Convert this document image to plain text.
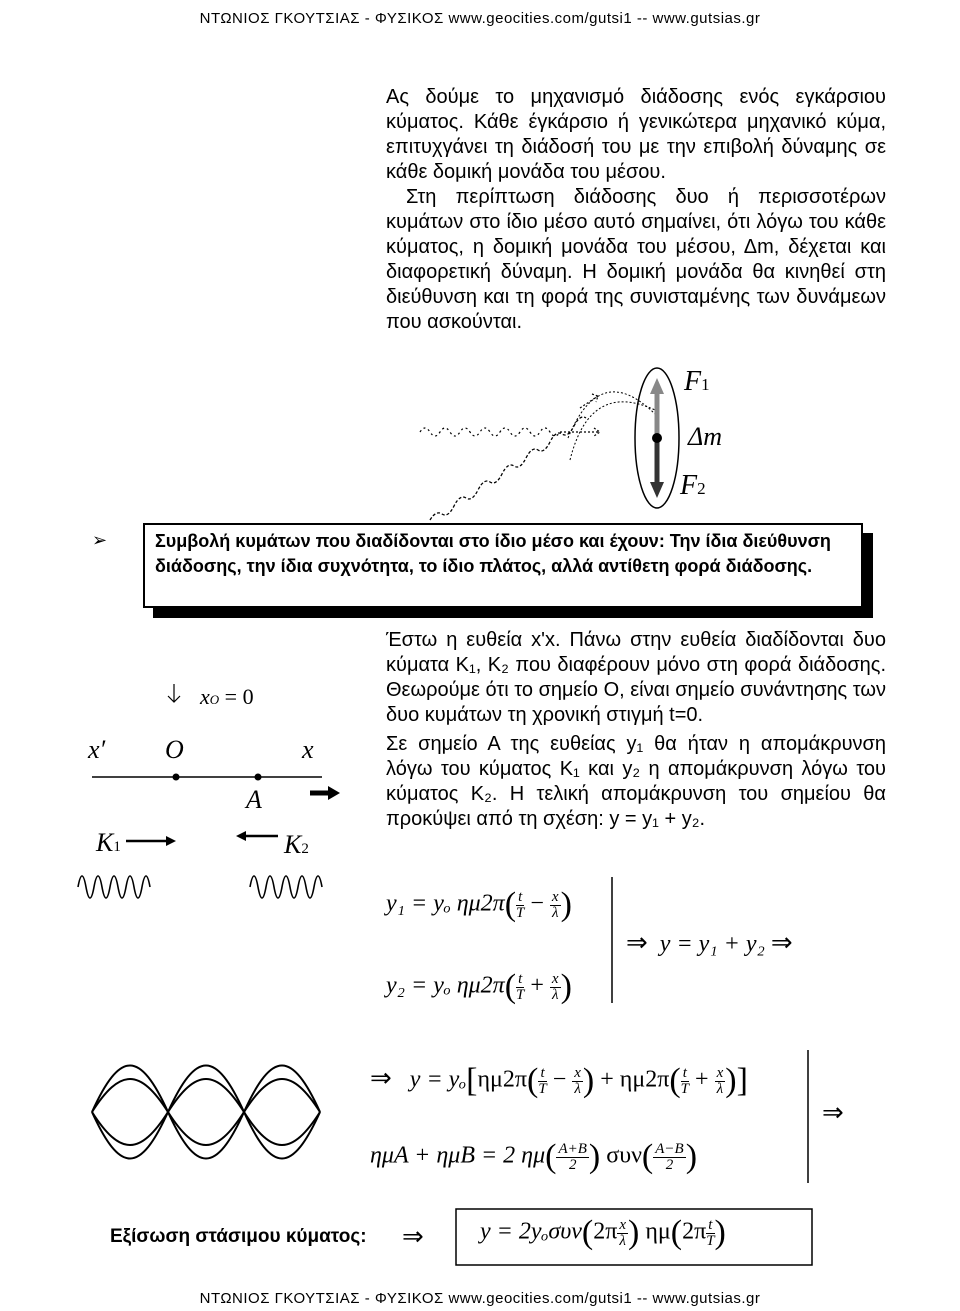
ΝΤΩΝΙΟΣ ΓΚΟΥΤΣΙΑΣ - ΦΥΣΙΚΟΣ www.geocities.com/gutsi1 -- www.gutsias.gr
ΝΤΩΝΙΟΣ ΓΚΟΥΤΣΙΑΣ - ΦΥΣΙΚΟΣ www.geocities.com/gutsi1 -- www.gutsias.gr
Ας δούμε το μηχανισμό διάδοσης ενός εγκάρσιου κύματος. Κάθε έγκάρσιο ή γενικώτερα μηχανικό κύμα, επιτυχγάνει τη διάδοσή του με την επιβολή δύναμης σε κάθε δομική μονάδα του μέσου.
Στη περίπτωση διάδοσης δυο ή περισσοτέρων κυμάτων στο ίδιο μέσο αυτό σημαίνει, ότι λόγω του κάθε κύματος, η δομική μονάδα του μέσου, Δm, δέχεται και διαφορετική δύναμη. Η δομική μονάδα θα κινηθεί στη διεύθυνση και τη φορά της συνισταμένης των δυνάμεων που ασκούνται.
F1
Δm
F2
➢	Συμβολή κυμάτων που διαδίδονται στο ίδιο μέσο και έχουν: Την ίδια διεύθυνση διάδοσης, την ίδια συχνότητα, το ίδιο πλάτος, αλλά αντίθετη φορά διάδοσης.
xO = 0
x′ O	x
A
K1	K2
Έστω η ευθεία x'x. Πάνω στην ευθεία διαδίδονται δυο κύματα Κ₁, Κ₂ που διαφέρουν μόνο στη φορά διάδοσης. Θεωρούμε ότι το σημείο Ο, είναι σημείο συνάντησης των δυο κυμάτων τη χρονική στιγμή t=0.
Σε σημείο Α της ευθείας y₁ θα ήταν η απομάκρυνση λόγω του κύματος Κ₁ και y₂ η απομάκρυνση λόγω του κύματος Κ₂. Η τελική απομάκρυνση του σημείου θα προκύψει από τη σχέση: y = y₁ + y₂.
y₁ = yₒ $\eta\mu 2\pi( \frac{t}{T} - \frac{x}{\lambda}$ )
y₂ = yₒ $\eta\mu 2\pi( \frac{t}{T} + \frac{x}{\lambda}$ )
⇒ y = y₁ + y₂ ⇒
⇒ $y = y_o[\eta\mu 2\pi( \frac{t}{T} - \frac{x}{\lambda}$ ) + $\eta\mu 2\pi( \frac{t}{T} + \frac{x}{\lambda}$ )]
⇒
ημA + ημB = 2 $\eta\mu( \frac{A+B}{2}$ ) $\sigma\upsilon\nu( \frac{A-B}{2}$ )
Εξίσωση στάσιμου κύματος: ⇒ $y = 2y_o\sigma\upsilon\nu(2\pi \frac{x}{\lambda}$ ) $\eta\mu(2\pi \frac{t}{T}$ )
